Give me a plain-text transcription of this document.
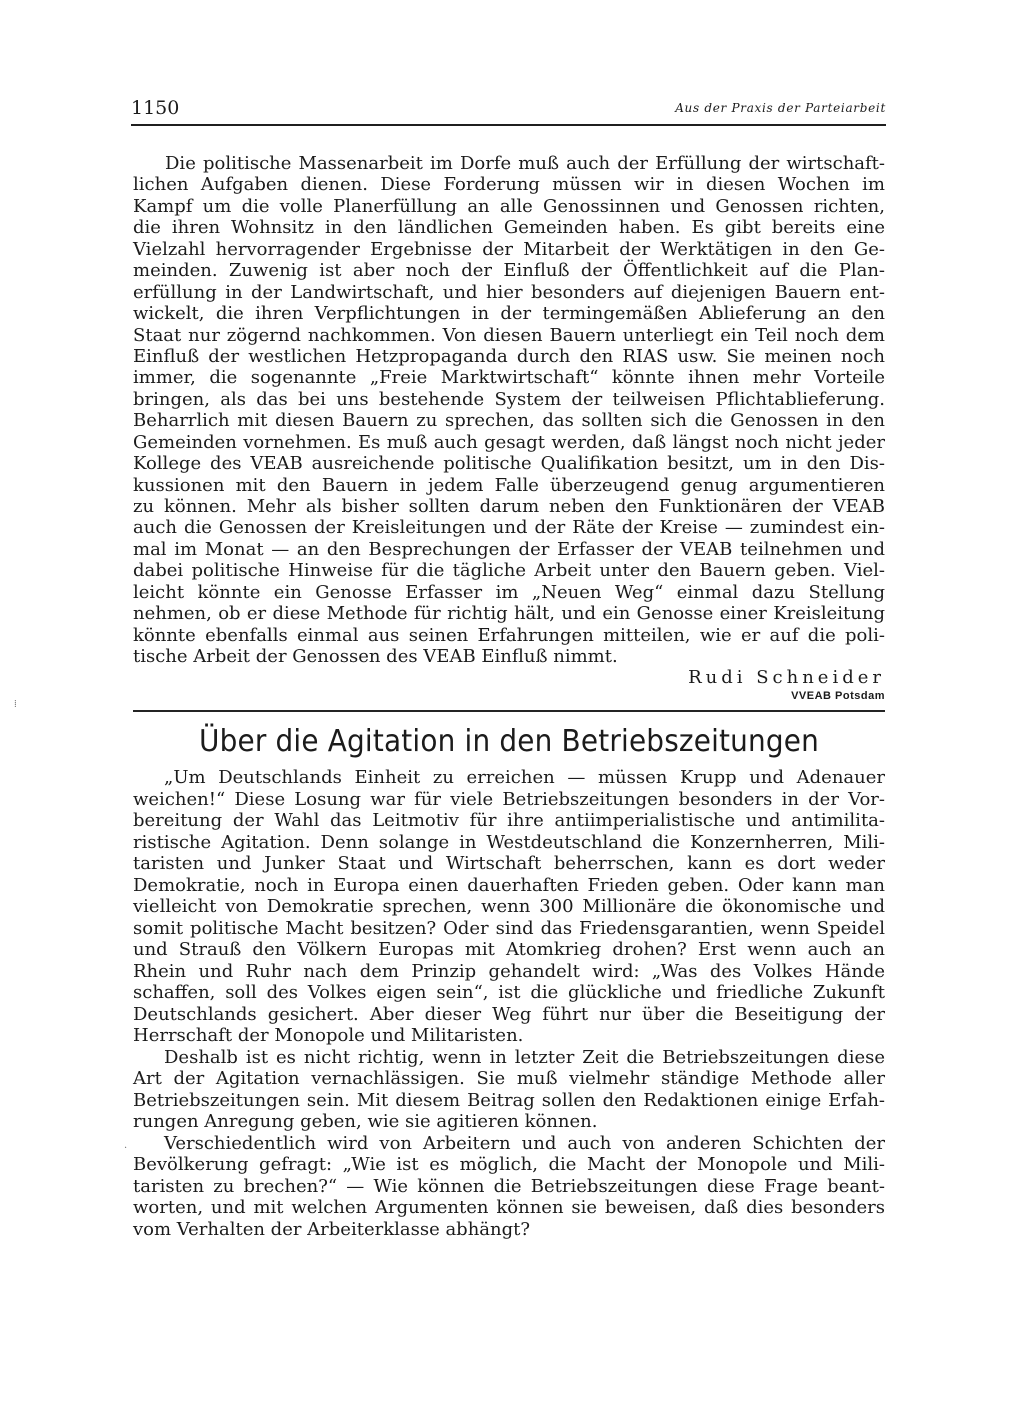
1150	Aus der Praxis der Parteiarbeit
Die politische Massenarbeit im Dorfe muß auch der Erfüllung der wirtschaft-
lichen Aufgaben dienen. Diese Forderung müssen wir in diesen Wochen im
Kampf um die volle Planerfüllung an alle Genossinnen und Genossen richten,
die ihren Wohnsitz in den ländlichen Gemeinden haben. Es gibt bereits eine
Vielzahl hervorragender Ergebnisse der Mitarbeit der Werktätigen in den Ge-
meinden. Zuwenig ist aber noch der Einfluß der Öffentlichkeit auf die Plan-
erfüllung in der Landwirtschaft, und hier besonders auf diejenigen Bauern ent-
wickelt, die ihren Verpflichtungen in der termingemäßen Ablieferung an den
Staat nur zögernd nachkommen. Von diesen Bauern unterliegt ein Teil noch dem
Einfluß der westlichen Hetzpropaganda durch den RIAS usw. Sie meinen noch
immer, die sogenannte „Freie Marktwirtschaft“ könnte ihnen mehr Vorteile
bringen, als das bei uns bestehende System der teilweisen Pflichtablieferung.
Beharrlich mit diesen Bauern zu sprechen, das sollten sich die Genossen in den
Gemeinden vornehmen. Es muß auch gesagt werden, daß längst noch nicht jeder
Kollege des VEAB ausreichende politische Qualifikation besitzt, um in den Dis-
kussionen mit den Bauern in jedem Falle überzeugend genug argumentieren
zu können. Mehr als bisher sollten darum neben den Funktionären der VEAB
auch die Genossen der Kreisleitungen und der Räte der Kreise — zumindest ein-
mal im Monat — an den Besprechungen der Erfasser der VEAB teilnehmen und
dabei politische Hinweise für die tägliche Arbeit unter den Bauern geben. Viel-
leicht könnte ein Genosse Erfasser im „Neuen Weg“ einmal dazu Stellung
nehmen, ob er diese Methode für richtig hält, und ein Genosse einer Kreisleitung
könnte ebenfalls einmal aus seinen Erfahrungen mitteilen, wie er auf die poli-
tische Arbeit der Genossen des VEAB Einfluß nimmt.
Rudi Schneider
VVEAB Potsdam
Über die Agitation in den Betriebszeitungen
„Um Deutschlands Einheit zu erreichen — müssen Krupp und Adenauer
weichen!“ Diese Losung war für viele Betriebszeitungen besonders in der Vor-
bereitung der Wahl das Leitmotiv für ihre antiimperialistische und antimilita-
ristische Agitation. Denn solange in Westdeutschland die Konzernherren, Mili-
taristen und Junker Staat und Wirtschaft beherrschen, kann es dort weder
Demokratie, noch in Europa einen dauerhaften Frieden geben. Oder kann man
vielleicht von Demokratie sprechen, wenn 300 Millionäre die ökonomische und
somit politische Macht besitzen? Oder sind das Friedensgarantien, wenn Speidel
und Strauß den Völkern Europas mit Atomkrieg drohen? Erst wenn auch an
Rhein und Ruhr nach dem Prinzip gehandelt wird: „Was des Volkes Hände
schaffen, soll des Volkes eigen sein“, ist die glückliche und friedliche Zukunft
Deutschlands gesichert. Aber dieser Weg führt nur über die Beseitigung der
Herrschaft der Monopole und Militaristen.
Deshalb ist es nicht richtig, wenn in letzter Zeit die Betriebszeitungen diese
Art der Agitation vernachlässigen. Sie muß vielmehr ständige Methode aller
Betriebszeitungen sein. Mit diesem Beitrag sollen den Redaktionen einige Erfah-
rungen Anregung geben, wie sie agitieren können.
Verschiedentlich wird von Arbeitern und auch von anderen Schichten der
Bevölkerung gefragt: „Wie ist es möglich, die Macht der Monopole und Mili-
taristen zu brechen?“ — Wie können die Betriebszeitungen diese Frage beant-
worten, und mit welchen Argumenten können sie beweisen, daß dies besonders
vom Verhalten der Arbeiterklasse abhängt?
⁞
·
